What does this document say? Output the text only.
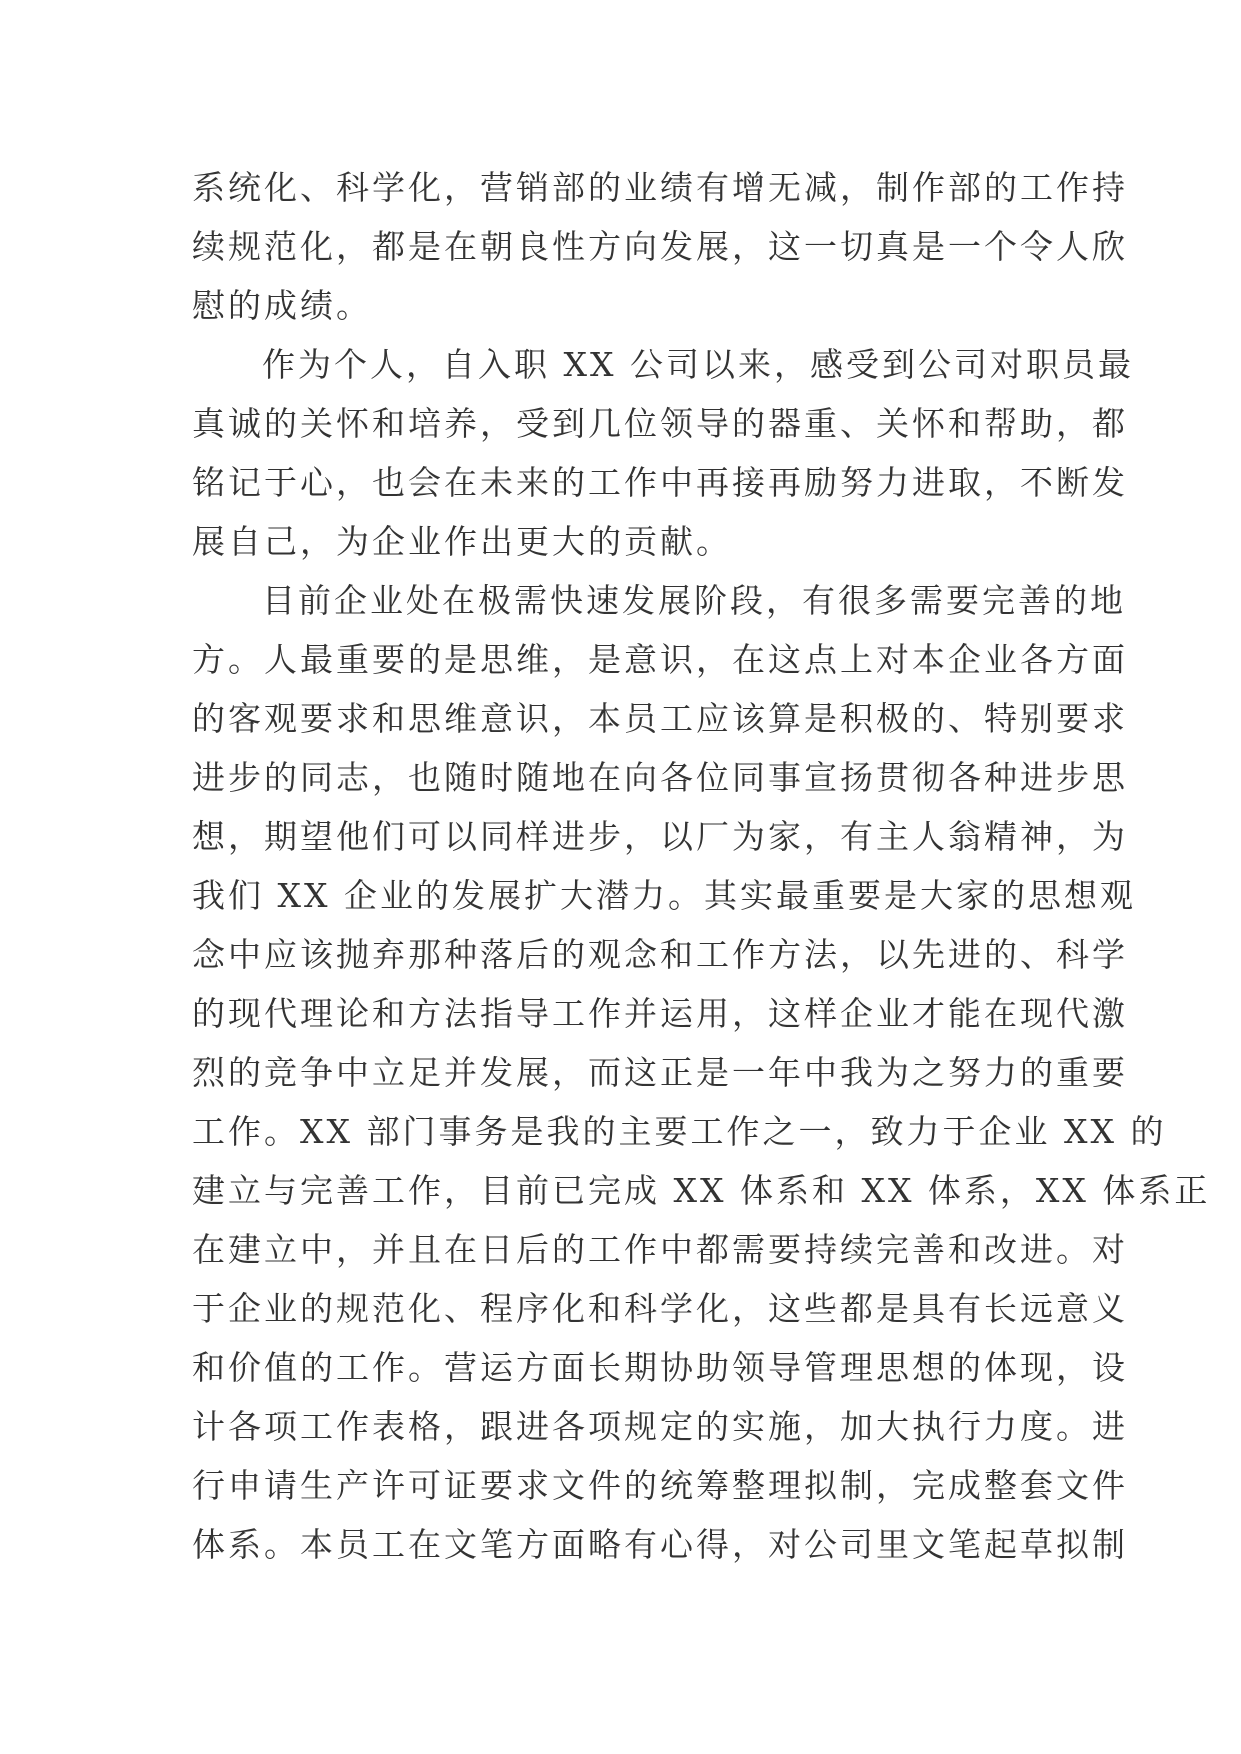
系统化、科学化，营销部的业绩有增无减，制作部的工作持
续规范化，都是在朝良性方向发展，这一切真是一个令人欣
慰的成绩。
作为个人，自入职 XX 公司以来，感受到公司对职员最
真诚的关怀和培养，受到几位领导的器重、关怀和帮助，都
铭记于心，也会在未来的工作中再接再励努力进取，不断发
展自己，为企业作出更大的贡献。
目前企业处在极需快速发展阶段，有很多需要完善的地
方。人最重要的是思维，是意识，在这点上对本企业各方面
的客观要求和思维意识，本员工应该算是积极的、特别要求
进步的同志，也随时随地在向各位同事宣扬贯彻各种进步思
想，期望他们可以同样进步，以厂为家，有主人翁精神，为
我们 XX 企业的发展扩大潜力。其实最重要是大家的思想观
念中应该抛弃那种落后的观念和工作方法，以先进的、科学
的现代理论和方法指导工作并运用，这样企业才能在现代激
烈的竞争中立足并发展，而这正是一年中我为之努力的重要
工作。XX 部门事务是我的主要工作之一，致力于企业 XX 的
建立与完善工作，目前已完成 XX 体系和 XX 体系，XX 体系正
在建立中，并且在日后的工作中都需要持续完善和改进。对
于企业的规范化、程序化和科学化，这些都是具有长远意义
和价值的工作。营运方面长期协助领导管理思想的体现，设
计各项工作表格，跟进各项规定的实施，加大执行力度。进
行申请生产许可证要求文件的统筹整理拟制，完成整套文件
体系。本员工在文笔方面略有心得，对公司里文笔起草拟制
